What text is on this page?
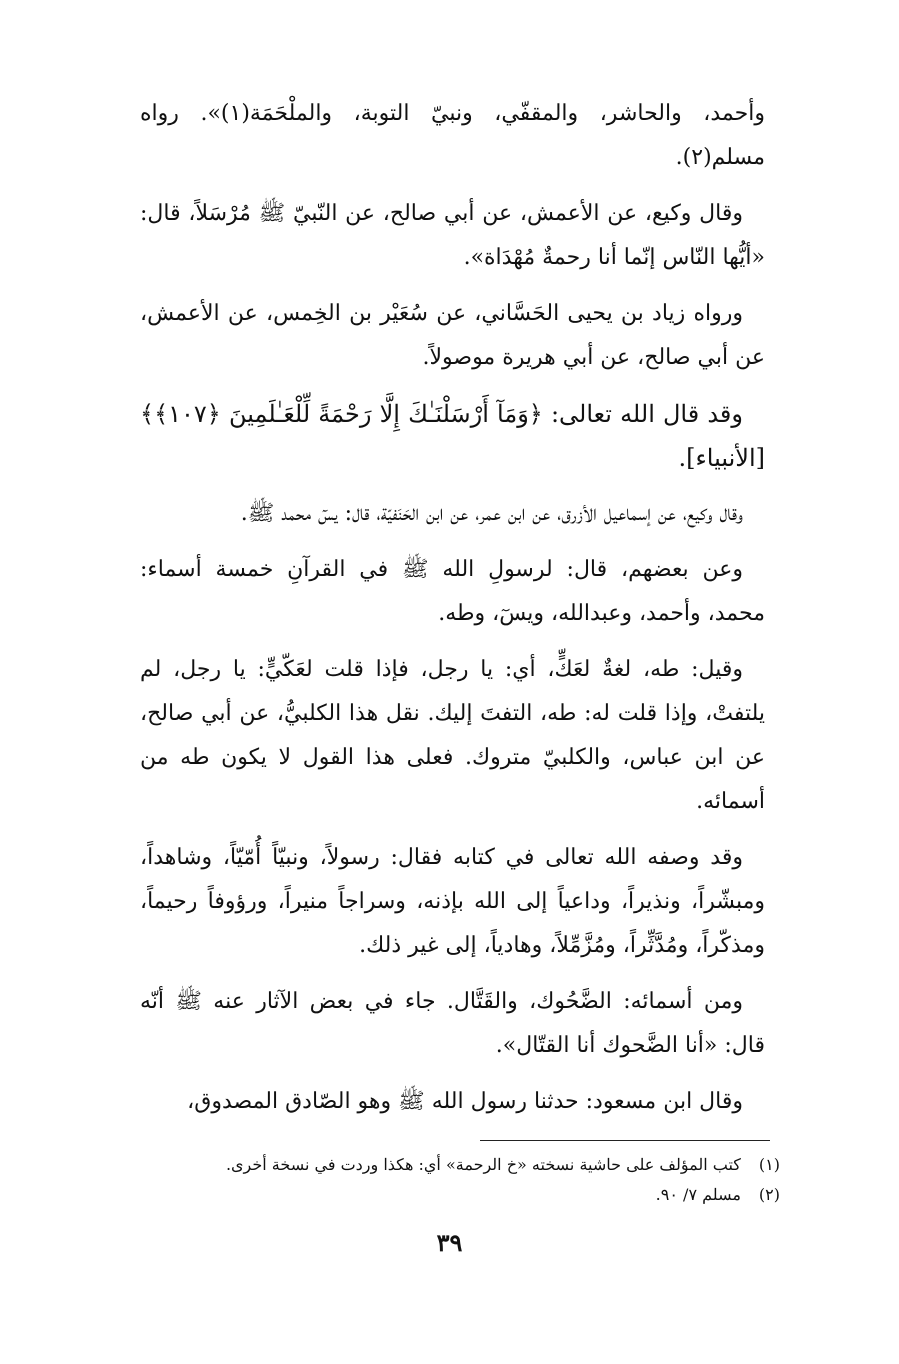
وأحمد، والحاشر، والمقفّي، ونبيّ التوبة، والملْحَمَة(١)». رواه مسلم(٢).

وقال وكيع، عن الأعمش، عن أبي صالح، عن النّبيّ ﷺ مُرْسَلاً، قال: «أيُّها النّاس إنّما أنا رحمةٌ مُهْدَاة».

ورواه زياد بن يحيى الحَسَّاني، عن سُعَيْر بن الخِمس، عن الأعمش، عن أبي صالح، عن أبي هريرة موصولاً.

وقد قال الله تعالى: ﴿وَمَآ أَرْسَلْنَـٰكَ إِلَّا رَحْمَةً لِّلْعَـٰلَمِينَ ﴿١٠٧﴾﴾ [الأنبياء].

وقال وكيع، عن إسماعيل الأزرق، عن ابن عمر، عن ابن الحَنَفيّة، قال: يسٓ محمد ﷺ.

وعن بعضهم، قال: لرسولِ الله ﷺ في القرآنِ خمسة أسماء: محمد، وأحمد، وعبدالله، ويسٓ، وطه.

وقيل: طه، لغةٌ لعَكٍّ، أي: يا رجل، فإذا قلت لعَكّيٍّ: يا رجل، لم يلتفتْ، وإذا قلت له: طه، التفتَ إليك. نقل هذا الكلبيُّ، عن أبي صالح، عن ابن عباس، والكلبيّ متروك. فعلى هذا القول لا يكون طه من أسمائه.

وقد وصفه الله تعالى في كتابه فقال: رسولاً، ونبيّاً أُمّيّاً، وشاهداً، ومبشّراً، ونذيراً، وداعياً إلى الله بإذنه، وسراجاً منيراً، ورؤوفاً رحيماً، ومذكّراً، ومُدَّثِّراً، ومُزَّمِّلاً، وهادياً، إلى غير ذلك.

ومن أسمائه: الضَّحُوك، والقَتَّال. جاء في بعض الآثار عنه ﷺ أنّه قال: «أنا الضَّحوك أنا القتّال».

وقال ابن مسعود: حدثنا رسول الله ﷺ وهو الصّادق المصدوق،

(١) كتب المؤلف على حاشية نسخته «خ الرحمة» أي: هكذا وردت في نسخة أخرى.

(٢) مسلم ٧/ ٩٠.

٣٩
